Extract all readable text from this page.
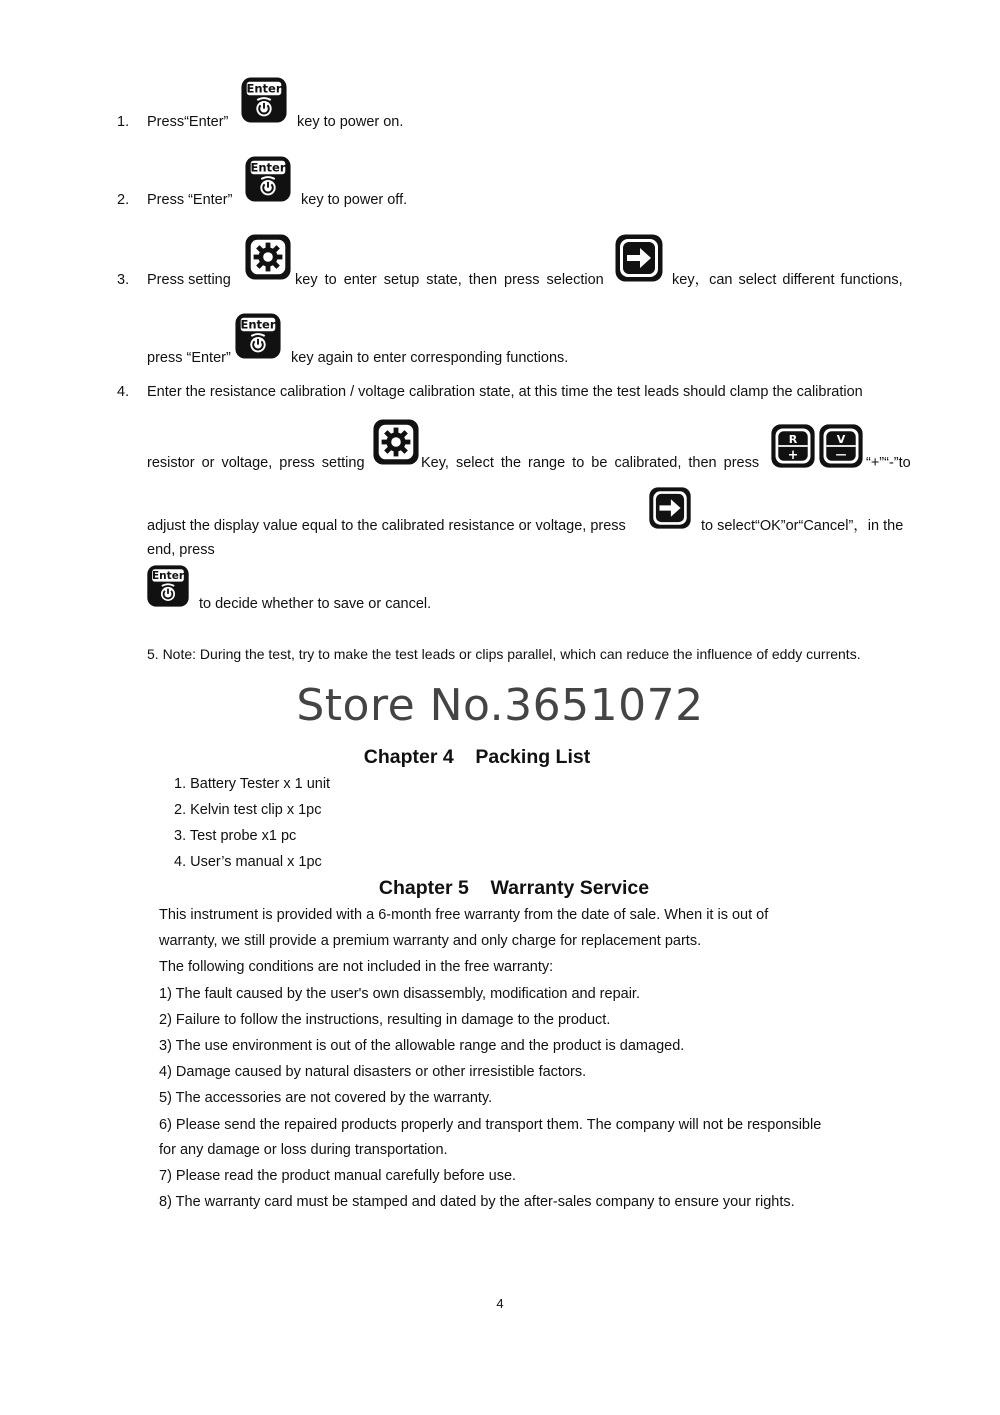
1. Press“Enter”	key to power on.
2. Press “Enter”	key to power off.
3. Press setting	key to enter setup state, then press selection	key，can select different functions,
press “Enter”	key again to enter corresponding functions.
4. Enter the resistance calibration / voltage calibration state, at this time the test leads should clamp the calibration
resistor or voltage, press setting	Key, select the range to be calibrated, then press
R
+
V
—
“+”“-”to
adjust the display value equal to the calibrated resistance or voltage, press	to select“OK”or“Cancel”，in the
end, press
to decide whether to save or cancel.
5. Note: During the test, try to make the test leads or clips parallel, which can reduce the influence of eddy currents.
Store No.3651072
Chapter 4    Packing List
1. Battery Tester x 1 unit
2. Kelvin test clip x 1pc
3. Test probe x1 pc
4. User’s manual x 1pc
Chapter 5    Warranty Service
This instrument is provided with a 6-month free warranty from the date of sale. When it is out of
warranty, we still provide a premium warranty and only charge for replacement parts.
The following conditions are not included in the free warranty:
1) The fault caused by the user's own disassembly, modification and repair.
2) Failure to follow the instructions, resulting in damage to the product.
3) The use environment is out of the allowable range and the product is damaged.
4) Damage caused by natural disasters or other irresistible factors.
5) The accessories are not covered by the warranty.
6) Please send the repaired products properly and transport them. The company will not be responsible
for any damage or loss during transportation.
7) Please read the product manual carefully before use.
8) The warranty card must be stamped and dated by the after-sales company to ensure your rights.
4
